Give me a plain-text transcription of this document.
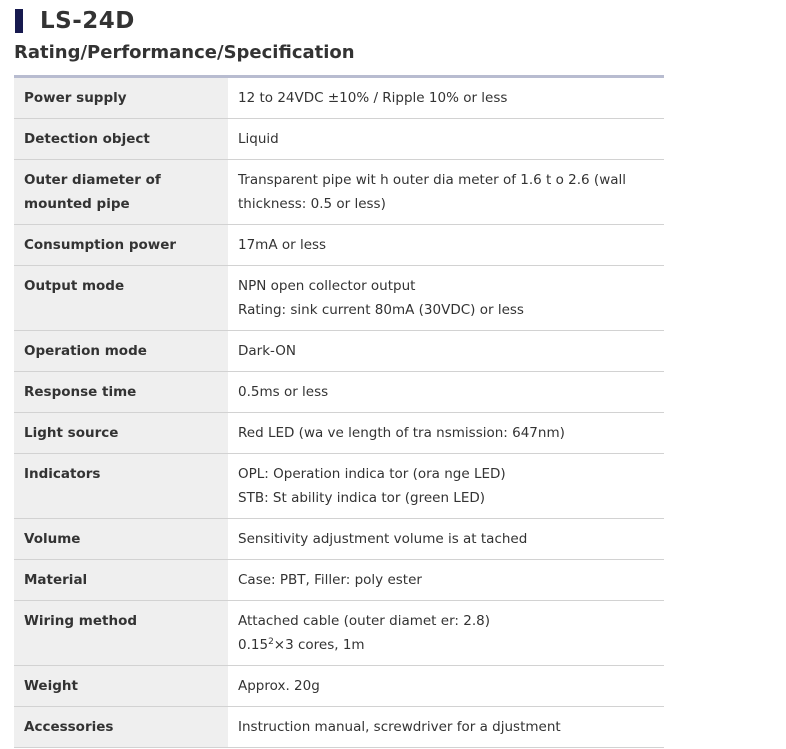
LS-24D
Rating/Performance/Specification
Power supply	12 to 24VDC ±10% / Ripple 10% or less

Detection object	Liquid

Outer diameter of mounted pipe	Transparent pipe wit h outer dia meter of 1.6 t o 2.6 (wall thickness: 0.5 or less)

Consumption power	17mA or less

Output mode	NPN open collector output
Rating: sink current 80mA (30VDC) or less

Operation mode	Dark-ON

Response time	0.5ms or less

Light source	Red LED (wa ve length of tra nsmission: 647nm)

Indicators	OPL: Operation indica tor (ora nge LED)
STB: St ability indica tor (green LED)

Volume	Sensitivity adjustment volume is at tached

Material	Case: PBT, Filler: poly ester

Wiring method	Attached cable (outer diamet er: 2.8)
$0.15^2\times 3$ cores, 1m

Weight	Approx. 20g

Accessories	Instruction manual, screwdriver for a djustment
